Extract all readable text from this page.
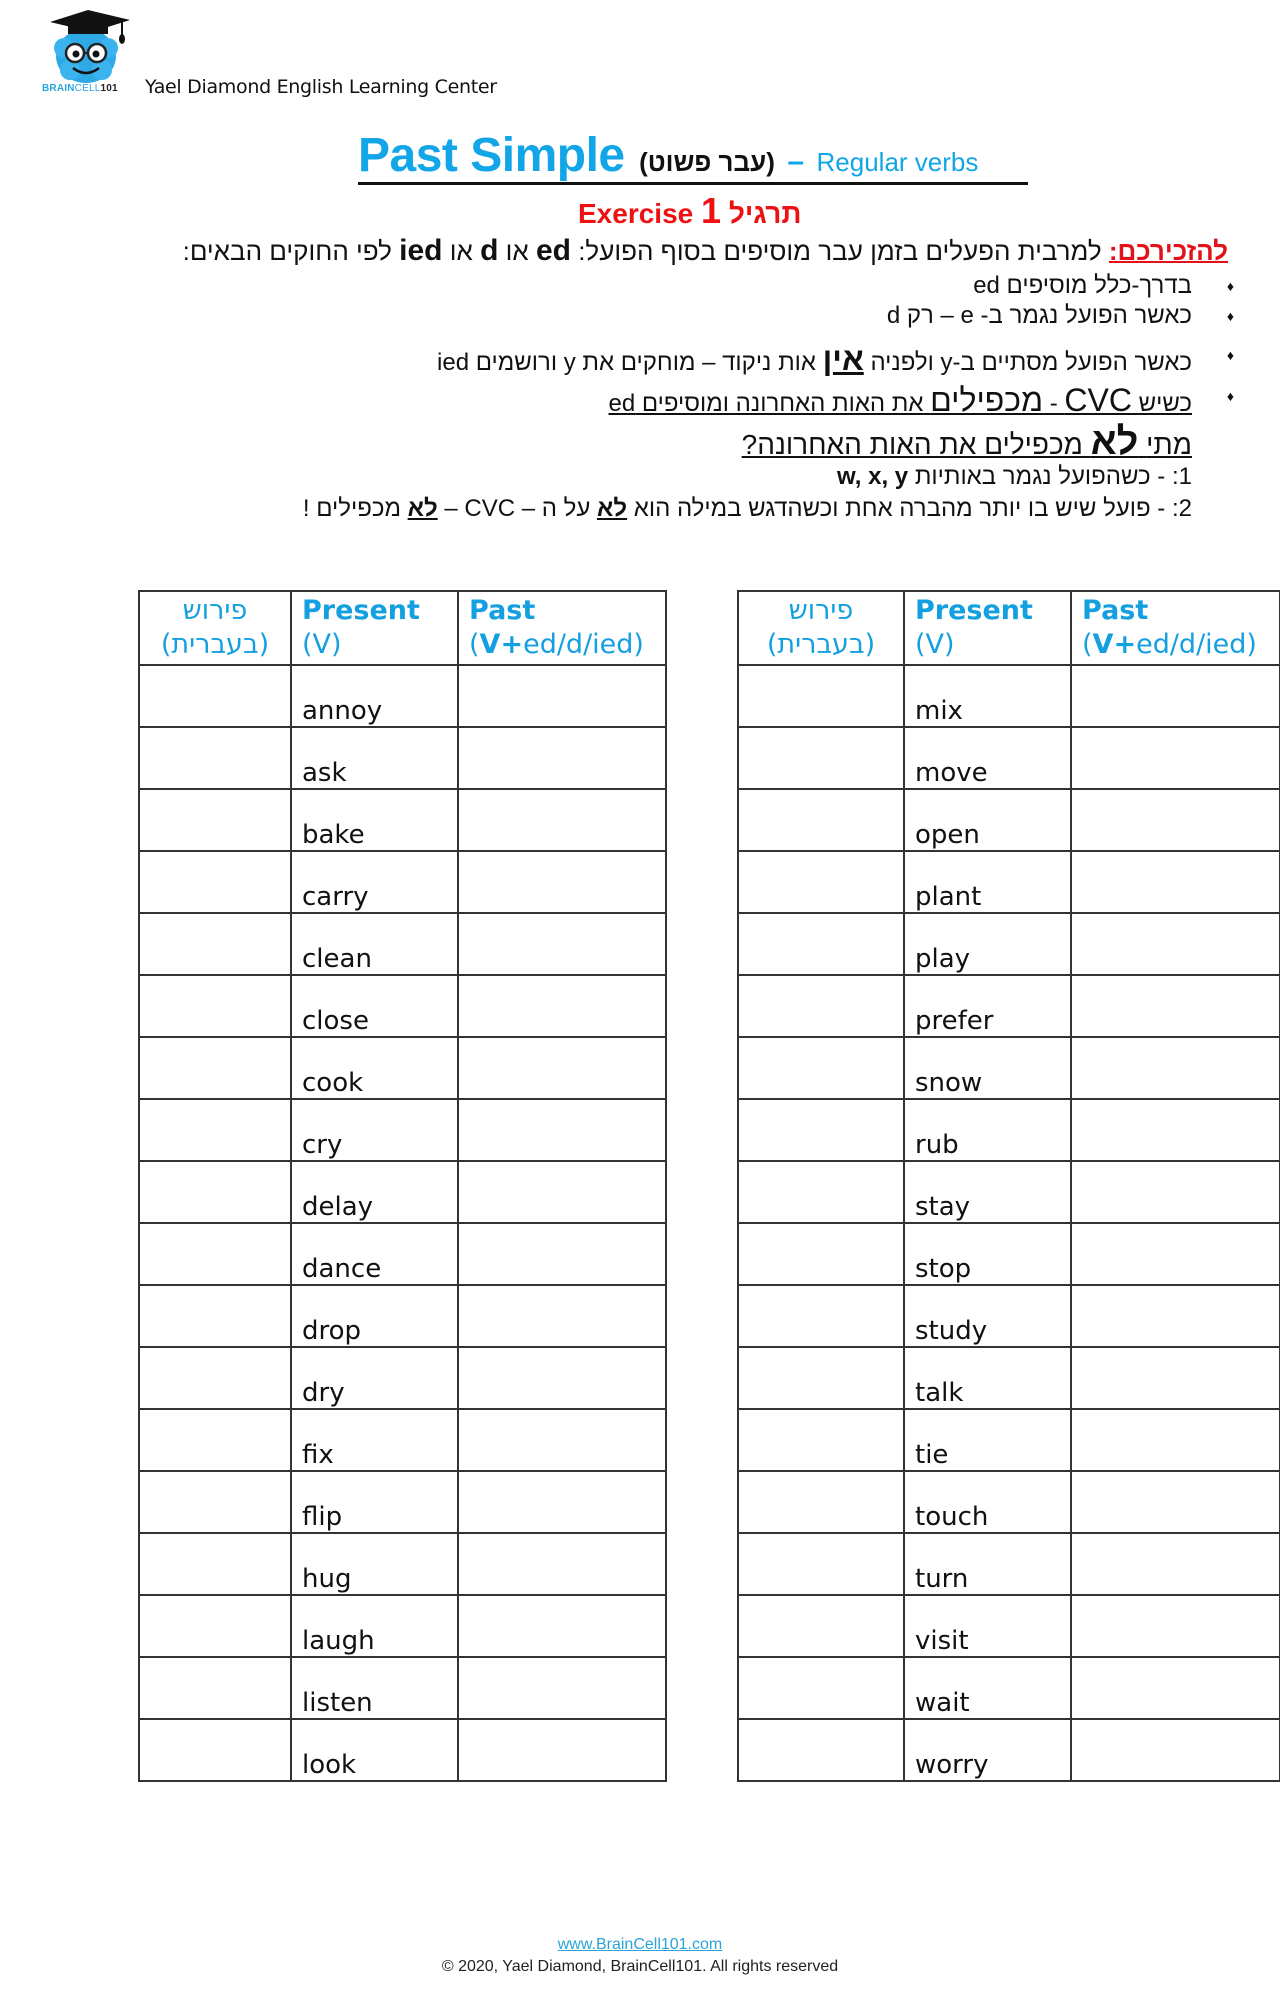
BRAINCELL101 Yael Diamond English Learning Center
Past Simple (עבר פשוט) – Regular verbs
Exercise 1 תרגיל
להזכירכם: למרבית הפעלים בזמן עבר מוסיפים בסוף הפועל: ed או d או ied לפי החוקים הבאים:
♦
בדרך-כלל מוסיפים ed
♦
כאשר הפועל נגמר ב- e – רק d
♦
כאשר הפועל מסתיים ב-y ולפניה אין אות ניקוד – מוחקים את y ורושמים ied
♦
כשיש CVC - מכפילים את האות האחרונה ומוסיפים ed
מתי לא מכפילים את האות האחרונה?
1: - כשהפועל נגמר באותיות w, x, y
2: - פועל שיש בו יותר מהברה אחת וכשהדגש במילה הוא לא על ה – CVC – לא מכפילים !
פירוש
(בעברית)

Present
(V)

Past
(V+ed/d/ied)

	annoy	
	ask	
	bake	
	carry	
	clean	
	close	
	cook	
	cry	
	delay	
	dance	
	drop	
	dry	
	fix	
	flip	
	hug	
	laugh	
	listen	
	look	
פירוש
(בעברית)

Present
(V)

Past
(V+ed/d/ied)

	mix	
	move	
	open	
	plant	
	play	
	prefer	
	snow	
	rub	
	stay	
	stop	
	study	
	talk	
	tie	
	touch	
	turn	
	visit	
	wait	
	worry	
www.BrainCell101.com
© 2020, Yael Diamond, BrainCell101. All rights reserved
